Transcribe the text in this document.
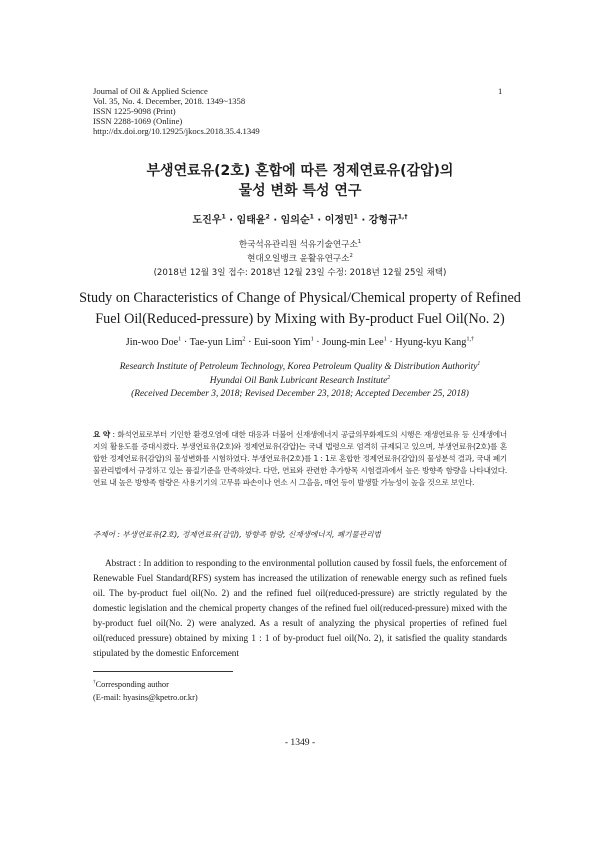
Journal of Oil & Applied Science
Vol. 35, No. 4. December, 2018. 1349~1358
ISSN 1225-9098 (Print)
ISSN 2288-1069 (Online)
http://dx.doi.org/10.12925/jkocs.2018.35.4.1349
1
부생연료유(2호) 혼합에 따른 정제연료유(감압)의
물성 변화 특성 연구
도진우$^1$ · 임태윤$^2$ · 임의순$^1$ · 이정민$^1$ · 강형규$^{1,\dagger}$
한국석유관리원 석유기술연구소$^1$
현대오일뱅크 윤활유연구소$^2$
(2018년 12월 3일 접수: 2018년 12월 23일 수정: 2018년 12월 25일 채택)
Study on Characteristics of Change of Physical/Chemical property of Refined
Fuel Oil(Reduced-pressure) by Mixing with By-product Fuel Oil(No. 2)
Jin-woo Doe$^1$ · Tae-yun Lim$^2$ · Eui-soon Yim$^1$ · Joung-min Lee$^1$ · Hyung-kyu Kang$^{1,\dagger}$
Research Institute of Petroleum Technology, Korea Petroleum Quality & Distribution Authority$^1$
Hyundai Oil Bank Lubricant Research Institute$^2$
(Received December 3, 2018; Revised December 23, 2018; Accepted December 25, 2018)
요 약 : 화석연료로부터 기인한 환경오염에 대한 대응과 더불어 신재생에너지 공급의무화제도의 시행은 재생연료유 등 신재생에너지의 활용도를 증대시켰다. 부생연료유(2호)와 정제연료유(감압)는 국내 법령으로 엄격히 규제되고 있으며, 부생연료유(2호)를 혼합한 정제연료유(감압)의 물성변화를 시험하였다. 부생연료유(2호)를 1 : 1로 혼합한 정제연료유(감압)의 물성분석 결과, 국내 폐기물관리법에서 규정하고 있는 품질기준을 만족하였다. 다만, 연료와 관련한 추가항목 시험결과에서 높은 방향족 함량을 나타내었다. 연료 내 높은 방향족 함량은 사용기기의 고무류 파손이나 연소 시 그을음, 매연 등이 발생할 가능성이 높을 것으로 보인다.
주제어 : 부생연료유(2호), 정제연료유(감압), 방향족 함량, 신재생에너지, 폐기물관리법
Abstract : In addition to responding to the environmental pollution caused by fossil fuels, the enforcement of Renewable Fuel Standard(RFS) system has increased the utilization of renewable energy such as refined fuels oil. The by-product fuel oil(No. 2) and the refined fuel oil(reduced-pressure) are strictly regulated by the domestic legislation and the chemical property changes of the refined fuel oil(reduced-pressure) mixed with the by-product fuel oil(No. 2) were analyzed. As a result of analyzing the physical properties of refined fuel oil(reduced pressure) obtained by mixing 1 : 1 of by-product fuel oil(No. 2), it satisfied the quality standards stipulated by the domestic Enforcement
†Corresponding author
(E-mail: hyasins@kpetro.or.kr)
- 1349 -
